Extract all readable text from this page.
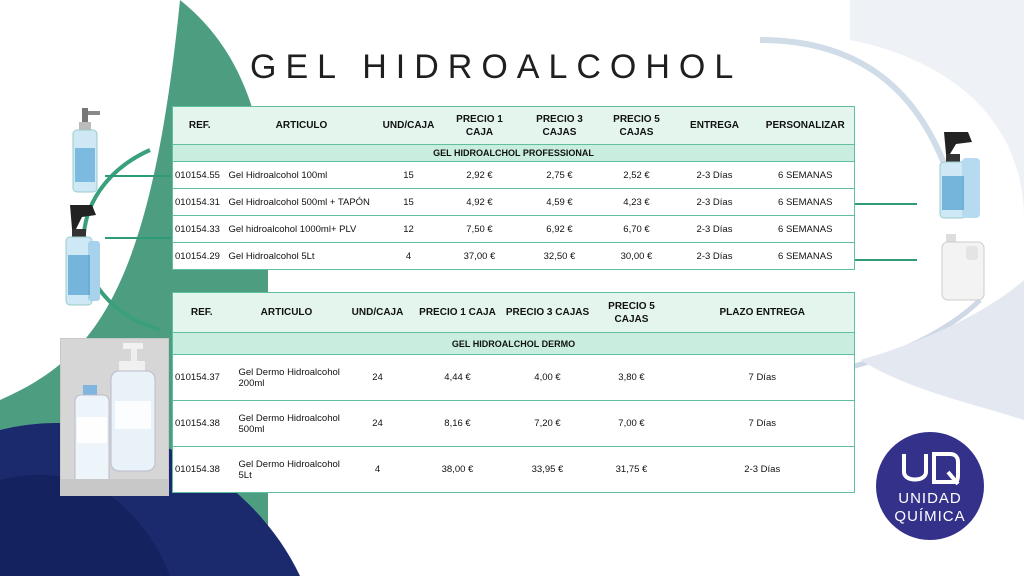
GEL HIDROALCOHOL
REF.	ARTICULO	UND/CAJA	PRECIO 1 CAJA	PRECIO 3 CAJAS	PRECIO 5 CAJAS	ENTREGA	PERSONALIZAR
GEL HIDROALCHOL PROFESSIONAL							
010154.55	Gel Hidroalcohol 100ml	15	2,92 €	2,75 €	2,52 €	2-3 Días	6 SEMANAS
010154.31	Gel Hidroalcohol 500ml + TAPÓN	15	4,92 €	4,59 €	4,23 €	2-3 Días	6 SEMANAS
010154.33	Gel hidroalcohol 1000ml+ PLV	12	7,50 €	6,92 €	6,70 €	2-3 Días	6 SEMANAS
010154.29	Gel Hidroalcohol 5Lt	4	37,00 €	32,50 €	30,00 €	2-3 Días	6 SEMANAS
REF.	ARTICULO	UND/CAJA	PRECIO 1 CAJA	PRECIO 3 CAJAS	PRECIO 5 CAJAS	PLAZO ENTREGA
GEL HIDROALCHOL DERMO						
010154.37	Gel Dermo Hidroalcohol 200ml	24	4,44 €	4,00 €	3,80 €	7 Días
010154.38	Gel Dermo Hidroalcohol 500ml	24	8,16 €	7,20 €	7,00 €	7 Días
010154.38	Gel Dermo Hidroalcohol 5Lt	4	38,00 €	33,95 €	31,75 €	2-3 Días
UNIDAD
QUÍMICA
